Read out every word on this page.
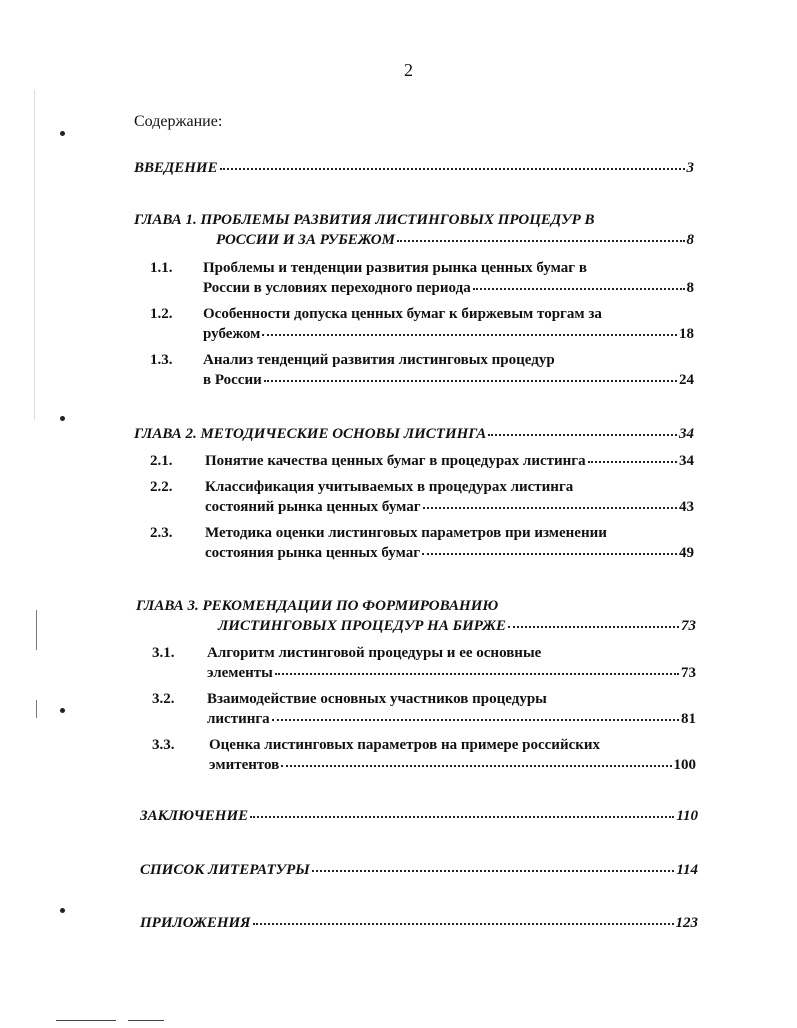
2
Содержание:
ВВЕДЕНИЕ	3
ГЛАВА 1. ПРОБЛЕМЫ РАЗВИТИЯ ЛИСТИНГОВЫХ ПРОЦЕДУР В
РОССИИ И ЗА РУБЕЖОМ	8
1.1. Проблемы и тенденции развития рынка ценных бумаг в
России в условиях переходного периода	8
1.2. Особенности допуска ценных бумаг к биржевым торгам за
рубежом	18
1.3. Анализ тенденций развития листинговых процедур
в России	24
ГЛАВА 2. МЕТОДИЧЕСКИЕ ОСНОВЫ ЛИСТИНГА	34
2.1. Понятие качества ценных бумаг в процедурах листинга	34
2.2. Классификация учитываемых в процедурах листинга
состояний рынка ценных бумаг	43
2.3. Методика оценки листинговых параметров при изменении
состояния рынка ценных бумаг	49
ГЛАВА 3. РЕКОМЕНДАЦИИ ПО ФОРМИРОВАНИЮ
ЛИСТИНГОВЫХ ПРОЦЕДУР НА БИРЖЕ	73
3.1. Алгоритм листинговой процедуры и ее основные
элементы	73
3.2. Взаимодействие основных участников процедуры
листинга	81
3.3. Оценка листинговых параметров на примере российских
эмитентов	100
ЗАКЛЮЧЕНИЕ	110
СПИСОК ЛИТЕРАТУРЫ	114
ПРИЛОЖЕНИЯ	123
